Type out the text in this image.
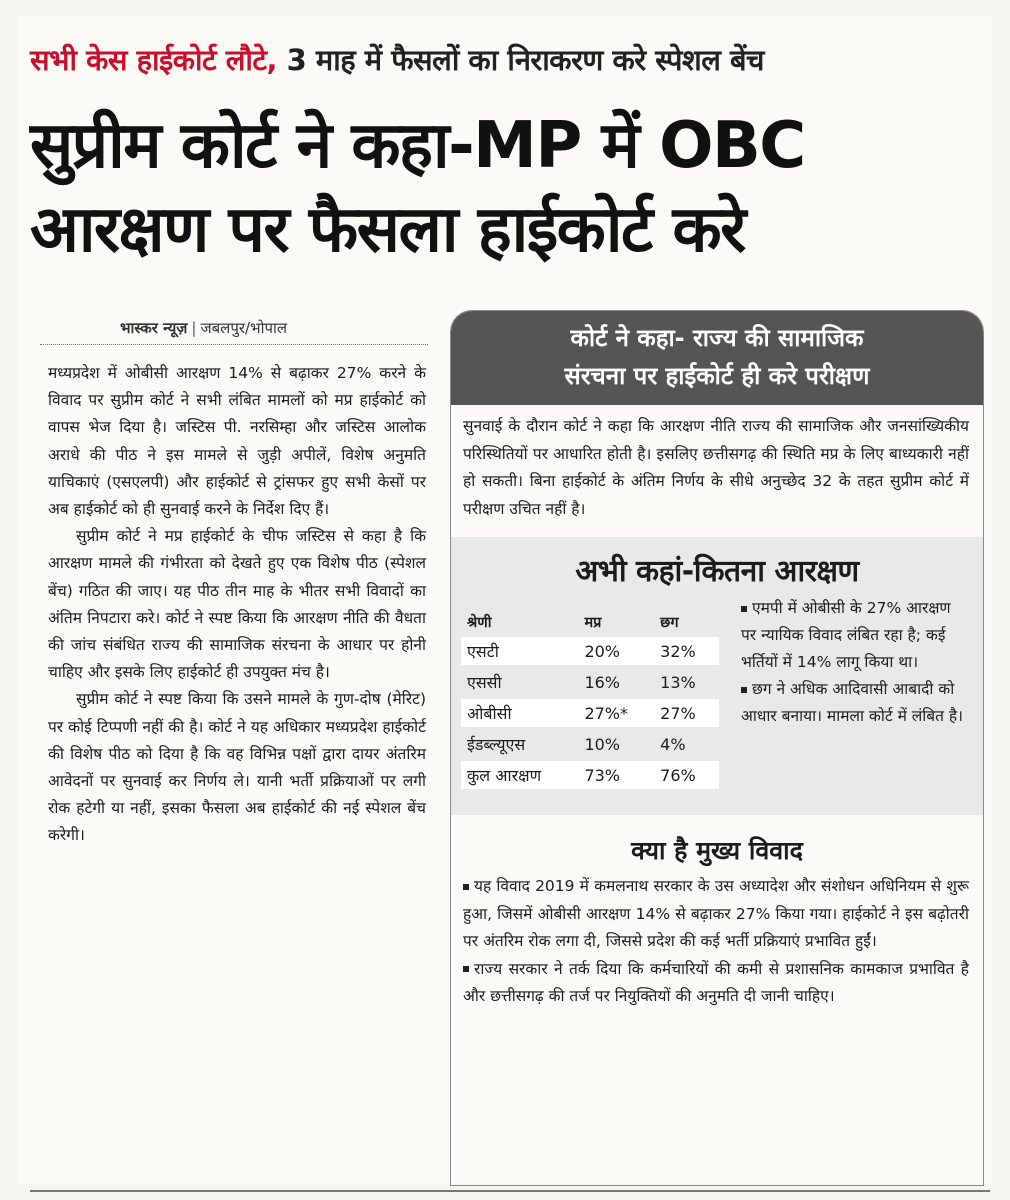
सभी केस हाईकोर्ट लौटे, 3 माह में फैसलों का निराकरण करे स्पेशल बेंच
सुप्रीम कोर्ट ने कहा-MP में OBC
आरक्षण पर फैसला हाईकोर्ट करे
भास्कर न्यूज़ | जबलपुर/भोपाल

मध्यप्रदेश में ओबीसी आरक्षण 14% से बढ़ाकर 27% करने के विवाद पर सुप्रीम कोर्ट ने सभी लंबित मामलों को मप्र हाईकोर्ट को वापस भेज दिया है। जस्टिस पी. नरसिम्हा और जस्टिस आलोक अराधे की पीठ ने इस मामले से जुड़ी अपीलें, विशेष अनुमति याचिकाएं (एसएलपी) और हाईकोर्ट से ट्रांसफर हुए सभी केसों पर अब हाईकोर्ट को ही सुनवाई करने के निर्देश दिए हैं।

सुप्रीम कोर्ट ने मप्र हाईकोर्ट के चीफ जस्टिस से कहा है कि आरक्षण मामले की गंभीरता को देखते हुए एक विशेष पीठ (स्पेशल बेंच) गठित की जाए। यह पीठ तीन माह के भीतर सभी विवादों का अंतिम निपटारा करे। कोर्ट ने स्पष्ट किया कि आरक्षण नीति की वैधता की जांच संबंधित राज्य की सामाजिक संरचना के आधार पर होनी चाहिए और इसके लिए हाईकोर्ट ही उपयुक्त मंच है।

सुप्रीम कोर्ट ने स्पष्ट किया कि उसने मामले के गुण-दोष (मेरिट) पर कोई टिप्पणी नहीं की है। कोर्ट ने यह अधिकार मध्यप्रदेश हाईकोर्ट की विशेष पीठ को दिया है कि वह विभिन्न पक्षों द्वारा दायर अंतरिम आवेदनों पर सुनवाई कर निर्णय ले। यानी भर्ती प्रक्रियाओं पर लगी रोक हटेगी या नहीं, इसका फैसला अब हाईकोर्ट की नई स्पेशल बेंच करेगी।

कोर्ट ने कहा- राज्य की सामाजिक
संरचना पर हाईकोर्ट ही करे परीक्षण

सुनवाई के दौरान कोर्ट ने कहा कि आरक्षण नीति राज्य की सामाजिक और जनसांख्यिकीय परिस्थितियों पर आधारित होती है। इसलिए छत्तीसगढ़ की स्थिति मप्र के लिए बाध्यकारी नहीं हो सकती। बिना हाईकोर्ट के अंतिम निर्णय के सीधे अनुच्छेद 32 के तहत सुप्रीम कोर्ट में परीक्षण उचित नहीं है।

अभी कहां-कितना आरक्षण
श्रेणी	मप्र	छग
एसटी	20%	32%
एससी	16%	13%
ओबीसी	27%*	27%
ईडब्ल्यूएस	10%	4%
कुल आरक्षण	73%	76%

एमपी में ओबीसी के 27% आरक्षण पर न्यायिक विवाद लंबित रहा है; कई भर्तियों में 14% लागू किया था।

छग ने अधिक आदिवासी आबादी को आधार बनाया। मामला कोर्ट में लंबित है।

क्या है मुख्य विवाद

यह विवाद 2019 में कमलनाथ सरकार के उस अध्यादेश और संशोधन अधिनियम से शुरू हुआ, जिसमें ओबीसी आरक्षण 14% से बढ़ाकर 27% किया गया। हाईकोर्ट ने इस बढ़ोतरी पर अंतरिम रोक लगा दी, जिससे प्रदेश की कई भर्ती प्रक्रियाएं प्रभावित हुईं।

राज्य सरकार ने तर्क दिया कि कर्मचारियों की कमी से प्रशासनिक कामकाज प्रभावित है और छत्तीसगढ़ की तर्ज पर नियुक्तियों की अनुमति दी जानी चाहिए।
